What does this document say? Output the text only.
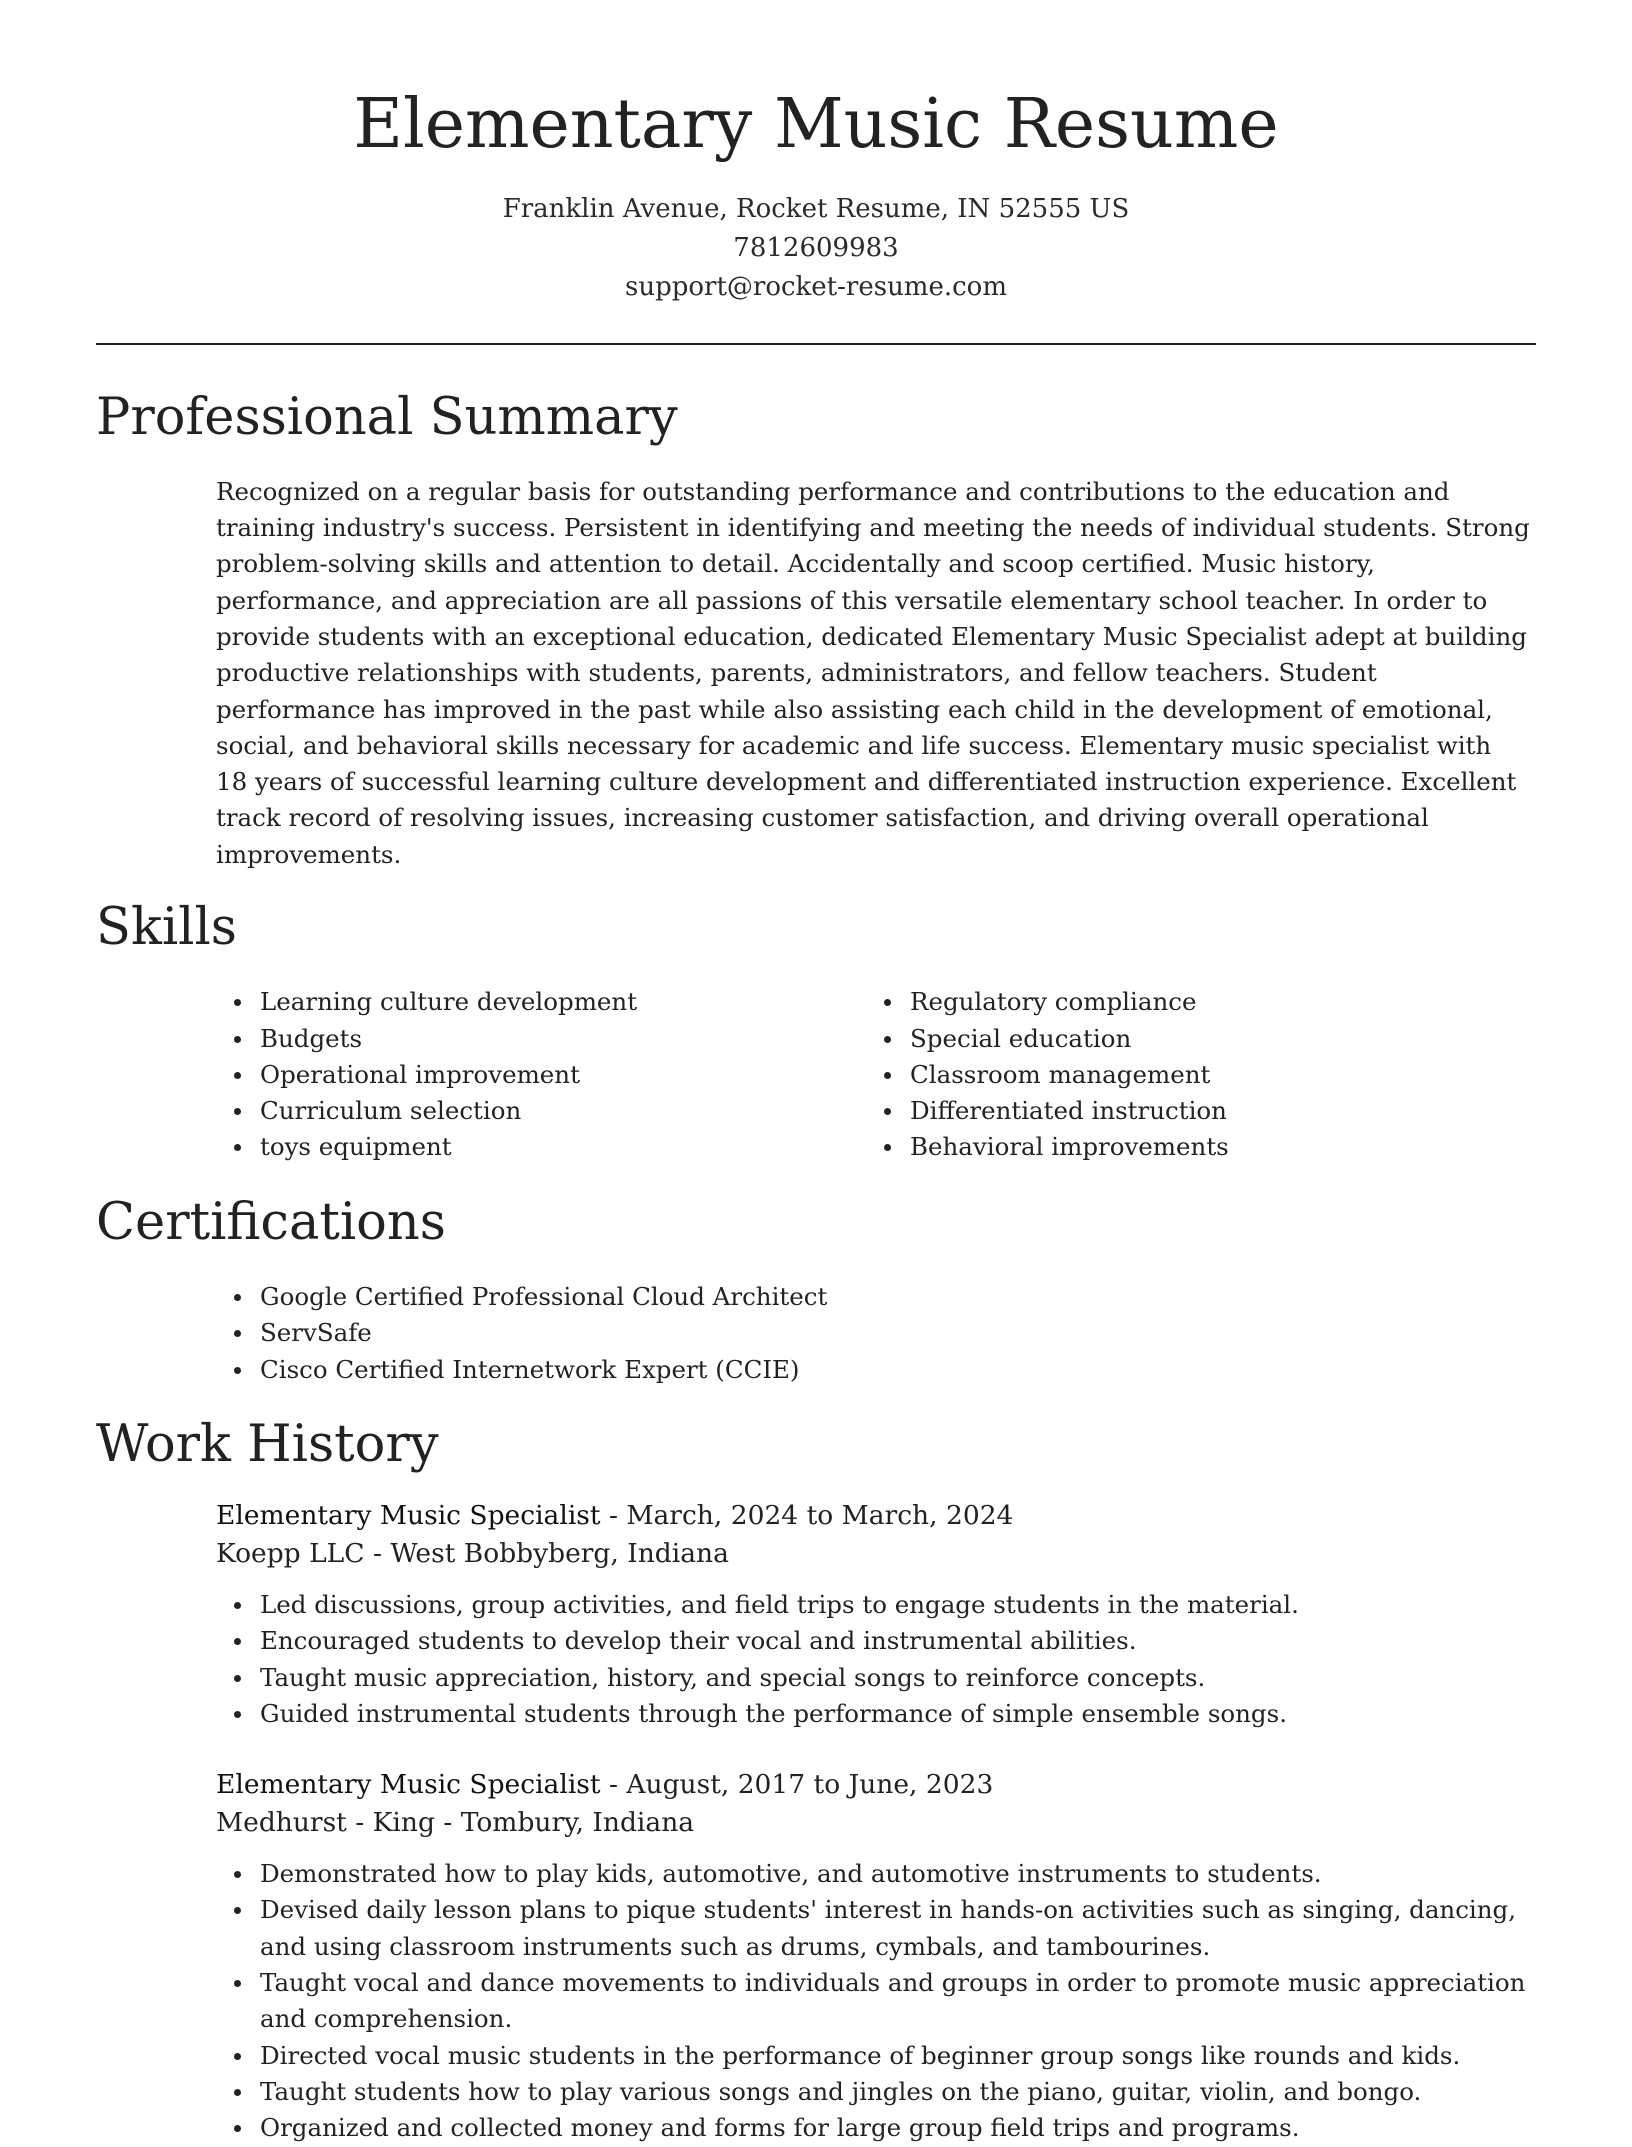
Elementary Music Resume
Franklin Avenue, Rocket Resume, IN 52555 US
7812609983
support@rocket-resume.com
Professional Summary

Recognized on a regular basis for outstanding performance and contributions to the education and training industry's success. Persistent in identifying and meeting the needs of individual students. Strong problem-solving skills and attention to detail. Accidentally and scoop certified. Music history, performance, and appreciation are all passions of this versatile elementary school teacher. In order to provide students with an exceptional education, dedicated Elementary Music Specialist adept at building productive relationships with students, parents, administrators, and fellow teachers. Student performance has improved in the past while also assisting each child in the development of emotional, social, and behavioral skills necessary for academic and life success. Elementary music specialist with 18 years of successful learning culture development and differentiated instruction experience. Excellent track record of resolving issues, increasing customer satisfaction, and driving overall operational improvements.

Skills
Learning culture development
Budgets
Operational improvement
Curriculum selection
toys equipment
Regulatory compliance
Special education
Classroom management
Differentiated instruction
Behavioral improvements
Certifications
Google Certified Professional Cloud Architect
ServSafe
Cisco Certified Internetwork Expert (CCIE)
Work History
Elementary Music Specialist - March, 2024 to March, 2024
Koepp LLC - West Bobbyberg, Indiana
Led discussions, group activities, and field trips to engage students in the material.
Encouraged students to develop their vocal and instrumental abilities.
Taught music appreciation, history, and special songs to reinforce concepts.
Guided instrumental students through the performance of simple ensemble songs.
Elementary Music Specialist - August, 2017 to June, 2023
Medhurst - King - Tombury, Indiana
Demonstrated how to play kids, automotive, and automotive instruments to students.
Devised daily lesson plans to pique students' interest in hands-on activities such as singing, dancing, and using classroom instruments such as drums, cymbals, and tambourines.
Taught vocal and dance movements to individuals and groups in order to promote music appreciation and comprehension.
Directed vocal music students in the performance of beginner group songs like rounds and kids.
Taught students how to play various songs and jingles on the piano, guitar, violin, and bongo.
Organized and collected money and forms for large group field trips and programs.
